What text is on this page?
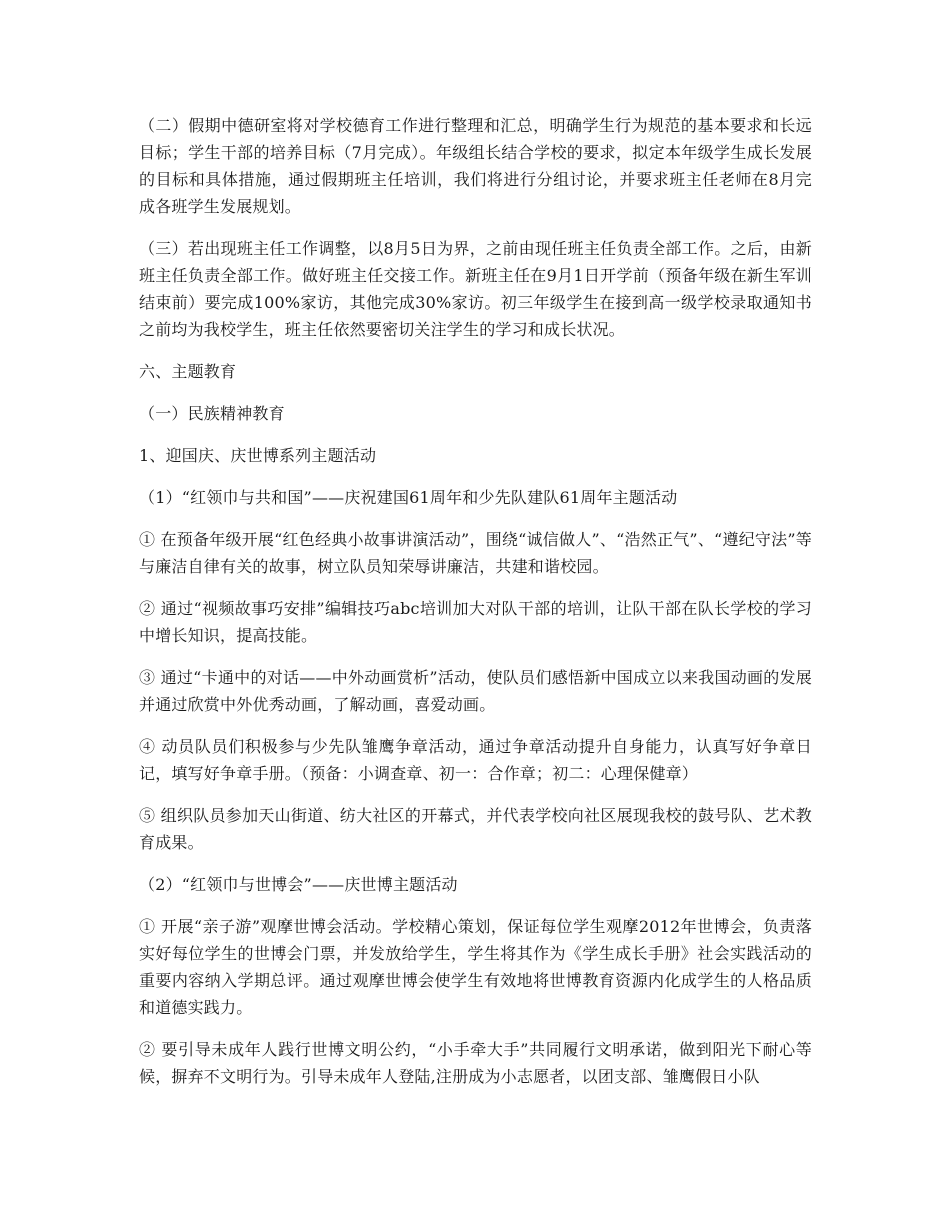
（二）假期中德研室将对学校德育工作进行整理和汇总，明确学生行为规范的基本要求和长远目标；学生干部的培养目标（7月完成）。年级组长结合学校的要求，拟定本年级学生成长发展的目标和具体措施，通过假期班主任培训，我们将进行分组讨论，并要求班主任老师在8月完成各班学生发展规划。

（三）若出现班主任工作调整，以8月5日为界，之前由现任班主任负责全部工作。之后，由新班主任负责全部工作。做好班主任交接工作。新班主任在9月1日开学前（预备年级在新生军训结束前）要完成100%家访，其他完成30%家访。初三年级学生在接到高一级学校录取通知书之前均为我校学生，班主任依然要密切关注学生的学习和成长状况。

六、主题教育

（一）民族精神教育

1、迎国庆、庆世博系列主题活动

（1）“红领巾与共和国”——庆祝建国61周年和少先队建队61周年主题活动

① 在预备年级开展“红色经典小故事讲演活动”，围绕“诚信做人”、“浩然正气”、“遵纪守法”等与廉洁自律有关的故事，树立队员知荣辱讲廉洁，共建和谐校园。

② 通过“视频故事巧安排”编辑技巧abc培训加大对队干部的培训，让队干部在队长学校的学习中增长知识，提高技能。

③ 通过“卡通中的对话——中外动画赏析”活动，使队员们感悟新中国成立以来我国动画的发展并通过欣赏中外优秀动画，了解动画，喜爱动画。

④ 动员队员们积极参与少先队雏鹰争章活动，通过争章活动提升自身能力，认真写好争章日记，填写好争章手册。（预备：小调查章、初一：合作章；初二：心理保健章）

⑤ 组织队员参加天山街道、纺大社区的开幕式，并代表学校向社区展现我校的鼓号队、艺术教育成果。

（2）“红领巾与世博会”——庆世博主题活动

① 开展“亲子游”观摩世博会活动。学校精心策划，保证每位学生观摩2012年世博会，负责落实好每位学生的世博会门票，并发放给学生，学生将其作为《学生成长手册》社会实践活动的重要内容纳入学期总评。通过观摩世博会使学生有效地将世博教育资源内化成学生的人格品质和道德实践力。

② 要引导未成年人践行世博文明公约，“小手牵大手”共同履行文明承诺，做到阳光下耐心等候，摒弃不文明行为。引导未成年人登陆,注册成为小志愿者，以团支部、雏鹰假日小队
